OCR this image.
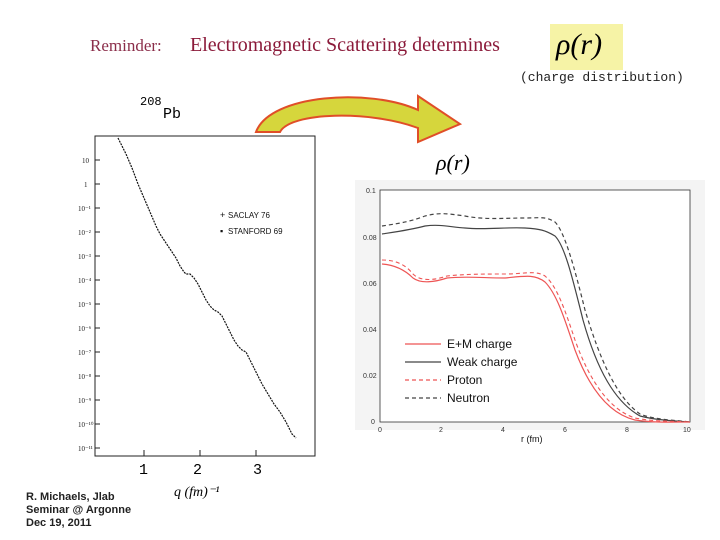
Reminder: Electromagnetic Scattering determines ρ(r)
(charge distribution)
208
Pb
10
1
10⁻¹
10⁻²
10⁻³
10⁻⁴
10⁻⁵
10⁻⁶
10⁻⁷
10⁻⁸
10⁻⁹
10⁻¹⁰
10⁻¹¹
SACLAY 76
STANFORD 69
+
▪
1	2	3
q (fm)⁻¹
ρ(r)
0.1
0.08
0.06
0.04
0.02
0
0	2	4	6	8	10
r (fm)
E+M charge
Weak charge
Proton
Neutron
R. Michaels, Jlab
Seminar @ Argonne
Dec 19, 2011
